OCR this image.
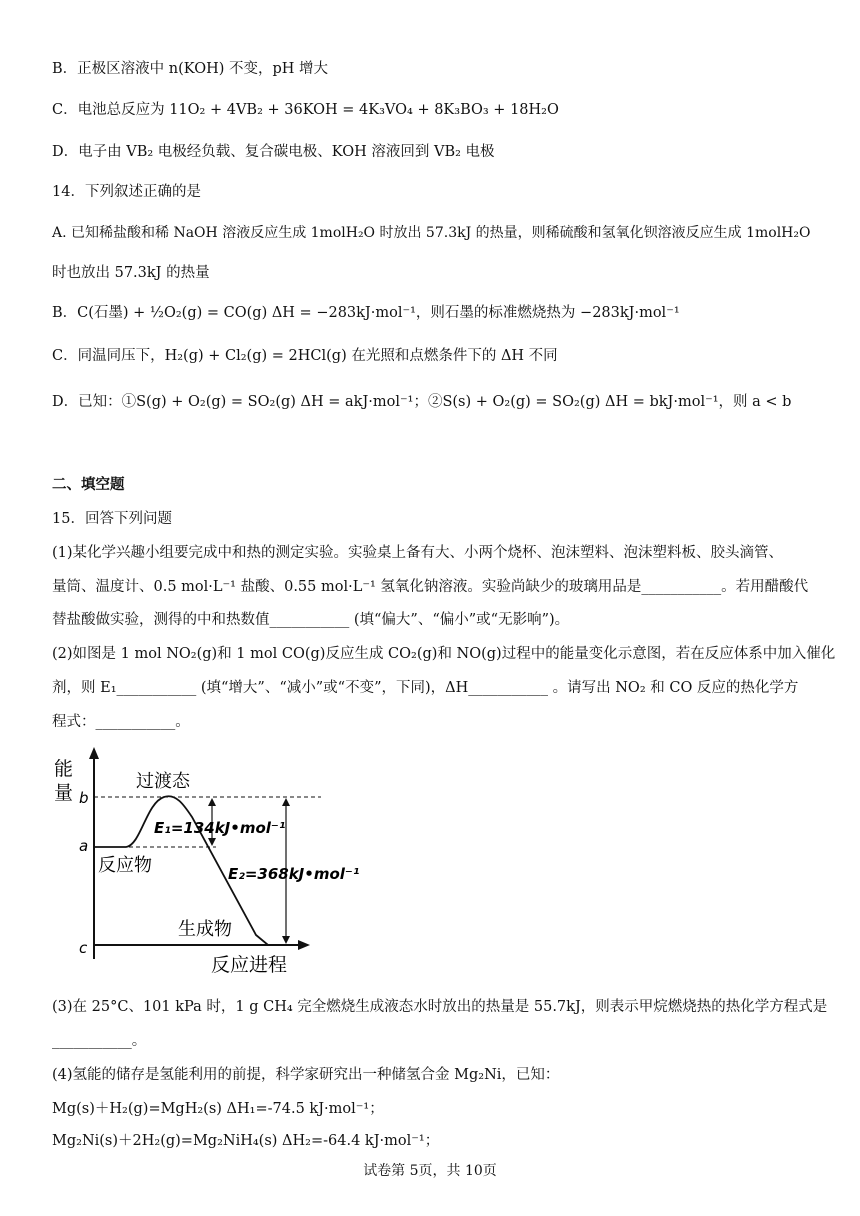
B．正极区溶液中 n(KOH) 不变，pH 增大
C．电池总反应为 11O₂ + 4VB₂ + 36KOH = 4K₃VO₄ + 8K₃BO₃ + 18H₂O
D．电子由 VB₂ 电极经负载、复合碳电极、KOH 溶液回到 VB₂ 电极
14．下列叙述正确的是
A. 已知稀盐酸和稀 NaOH 溶液反应生成 1molH₂O 时放出 57.3kJ 的热量，则稀硫酸和氢氧化钡溶液反应生成 1molH₂O
时也放出 57.3kJ 的热量
B．C(石墨) + ½O₂(g) = CO(g) ΔH = −283kJ·mol⁻¹，则石墨的标准燃烧热为 −283kJ·mol⁻¹
C．同温同压下，H₂(g) + Cl₂(g) = 2HCl(g) 在光照和点燃条件下的 ΔH 不同
D．已知：①S(g) + O₂(g) = SO₂(g) ΔH = akJ·mol⁻¹；②S(s) + O₂(g) = SO₂(g) ΔH = bkJ·mol⁻¹，则 a < b
二、填空题
15．回答下列问题
(1)某化学兴趣小组要完成中和热的测定实验。实验桌上备有大、小两个烧杯、泡沫塑料、泡沫塑料板、胶头滴管、
量筒、温度计、0.5 mol·L⁻¹ 盐酸、0.55 mol·L⁻¹ 氢氧化钠溶液。实验尚缺少的玻璃用品是___________。若用醋酸代
替盐酸做实验，测得的中和热数值___________ (填“偏大”、“偏小”或“无影响”)。
(2)如图是 1 mol NO₂(g)和 1 mol CO(g)反应生成 CO₂(g)和 NO(g)过程中的能量变化示意图，若在反应体系中加入催化
剂，则 E₁___________ (填“增大”、“减小”或“不变”，下同)，ΔH___________ 。请写出 NO₂ 和 CO 反应的热化学方
程式：___________。
能
量
反应进程
b
a
c
过渡态
反应物
生成物
E₁=134kJ•mol⁻¹
E₂=368kJ•mol⁻¹
(3)在 25°C、101 kPa 时，1 g CH₄ 完全燃烧生成液态水时放出的热量是 55.7kJ，则表示甲烷燃烧热的热化学方程式是
___________。
(4)氢能的储存是氢能利用的前提，科学家研究出一种储氢合金 Mg₂Ni，已知：
Mg(s)＋H₂(g)=MgH₂(s) ΔH₁=-74.5 kJ·mol⁻¹；
Mg₂Ni(s)＋2H₂(g)=Mg₂NiH₄(s) ΔH₂=-64.4 kJ·mol⁻¹；
试卷第 5页，共 10页
